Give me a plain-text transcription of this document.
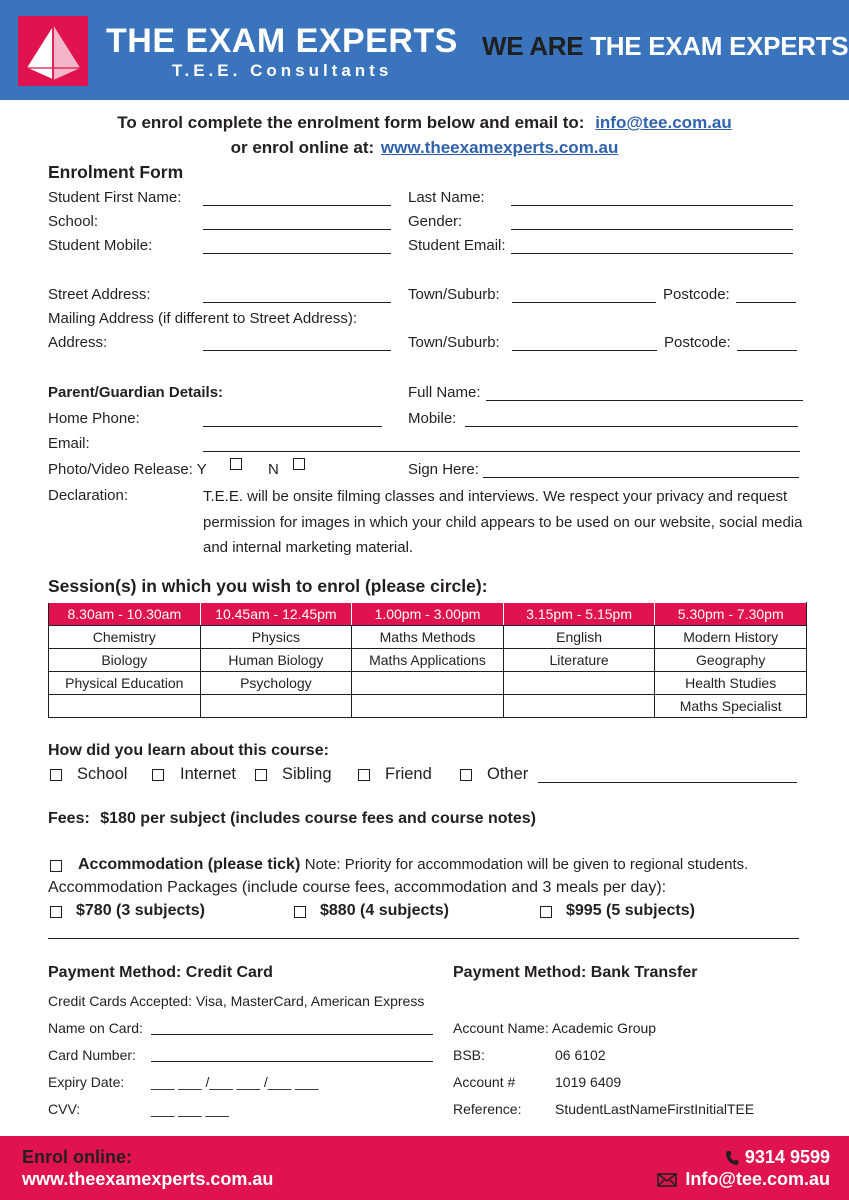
THE EXAM EXPERTS
T.E.E. Consultants
WE ARE THE EXAM EXPERTS
To enrol complete the enrolment form below and email to: info@tee.com.au
or enrol online at: www.theexamexperts.com.au
Enrolment Form
Student First Name:	Last Name:
School:	Gender:
Student Mobile:	Student Email:
Street Address:	Town/Suburb:	Postcode:
Mailing Address (if different to Street Address):
Address:	Town/Suburb:	Postcode:
Parent/Guardian Details:	Full Name:
Home Phone:	Mobile:
Email:
Photo/Video Release: Y	N	Sign Here:
Declaration:	T.E.E. will be onsite filming classes and interviews. We respect your privacy and request permission for images in which your child appears to be used on our website, social media and internal marketing material.
Session(s) in which you wish to enrol (please circle):
8.30am - 10.30am	10.45am - 12.45pm	1.00pm - 3.00pm	3.15pm - 5.15pm	5.30pm - 7.30pm
Chemistry	Physics	Maths Methods	English	Modern History
Biology	Human Biology	Maths Applications	Literature	Geography
Physical Education	Psychology			Health Studies
				Maths Specialist
How did you learn about this course:
School	Internet	Sibling	Friend	Other
Fees: $180 per subject (includes course fees and course notes)
Accommodation (please tick) Note: Priority for accommodation will be given to regional students.
Accommodation Packages (include course fees, accommodation and 3 meals per day):
$780 (3 subjects)	$880 (4 subjects)	$995 (5 subjects)
Payment Method: Credit Card
Credit Cards Accepted: Visa, MasterCard, American Express
Name on Card:
Card Number:
Expiry Date: ___ ___ /___ ___ /___ ___
CVV:	___ ___ ___
Payment Method: Bank Transfer
Account Name: Academic Group
BSB:	06 6102
Account #	1019 6409
Reference: StudentLastNameFirstInitialTEE
Enrol online:
www.theexamexperts.com.au
9314 9599
Info@tee.com.au
